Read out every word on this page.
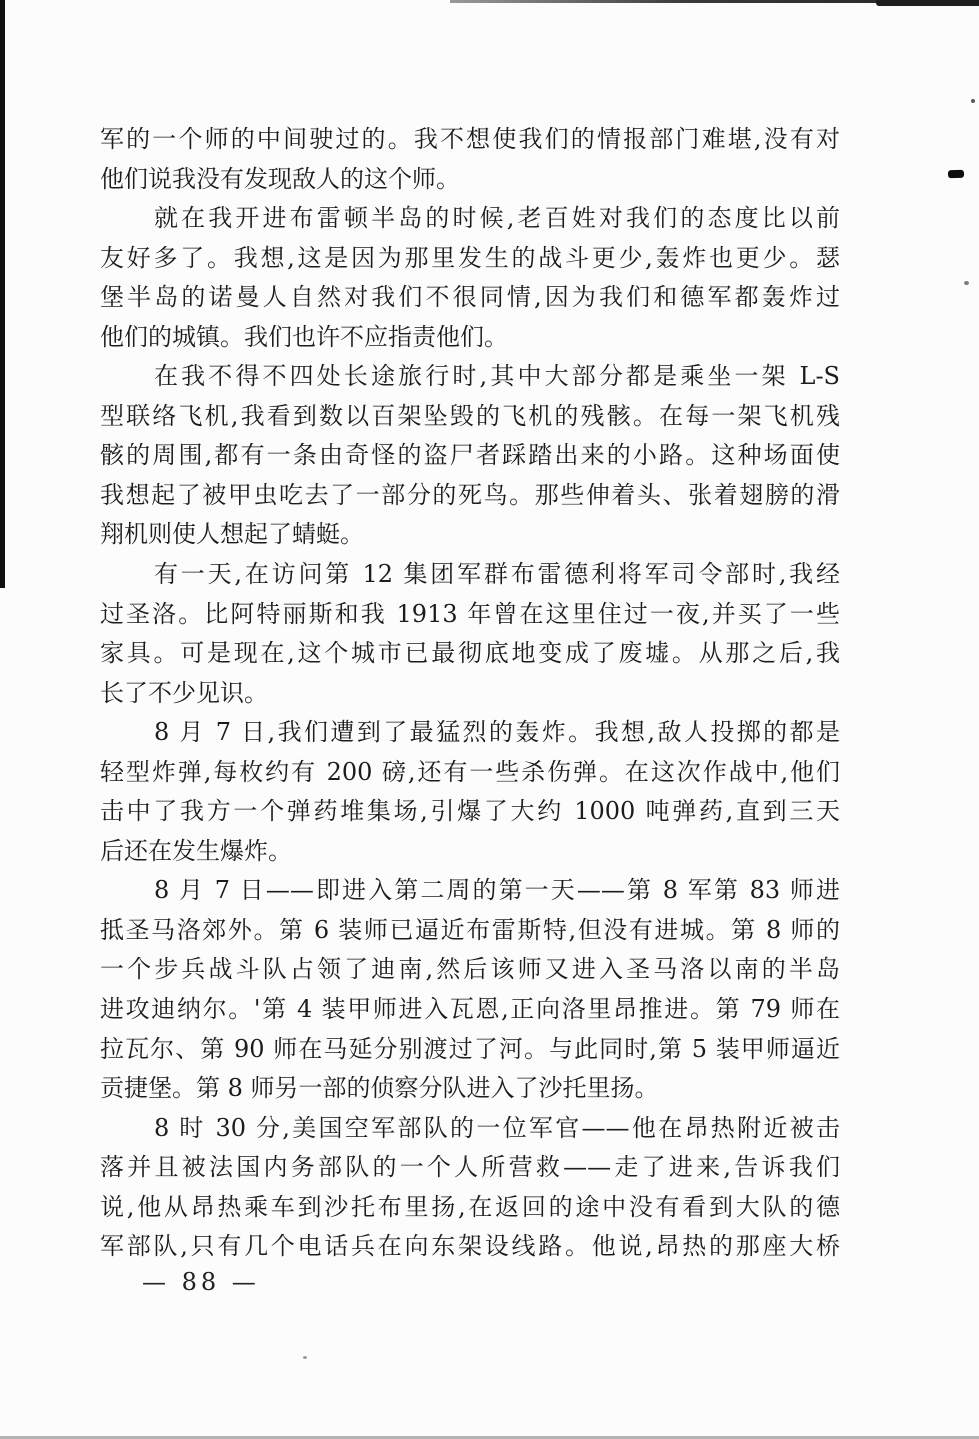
军的一个师的中间驶过的。我不想使我们的情报部门难堪,没有对
他们说我没有发现敌人的这个师。
就在我开进布雷顿半岛的时候,老百姓对我们的态度比以前
友好多了。我想,这是因为那里发生的战斗更少,轰炸也更少。瑟
堡半岛的诺曼人自然对我们不很同情,因为我们和德军都轰炸过
他们的城镇。我们也许不应指责他们。
在我不得不四处长途旅行时,其中大部分都是乘坐一架 L-S
型联络飞机,我看到数以百架坠毁的飞机的残骸。在每一架飞机残
骸的周围,都有一条由奇怪的盗尸者踩踏出来的小路。这种场面使
我想起了被甲虫吃去了一部分的死鸟。那些伸着头、张着翅膀的滑
翔机则使人想起了蜻蜓。
有一天,在访问第 12 集团军群布雷德利将军司令部时,我经
过圣洛。比阿特丽斯和我 1913 年曾在这里住过一夜,并买了一些
家具。可是现在,这个城市已最彻底地变成了废墟。从那之后,我
长了不少见识。
8 月 7 日,我们遭到了最猛烈的轰炸。我想,敌人投掷的都是
轻型炸弹,每枚约有 200 磅,还有一些杀伤弹。在这次作战中,他们
击中了我方一个弹药堆集场,引爆了大约 1000 吨弹药,直到三天
后还在发生爆炸。
8 月 7 日——即进入第二周的第一天——第 8 军第 83 师进
抵圣马洛郊外。第 6 装师已逼近布雷斯特,但没有进城。第 8 师的
一个步兵战斗队占领了迪南,然后该师又进入圣马洛以南的半岛
进攻迪纳尔。'第 4 装甲师进入瓦恩,正向洛里昂推进。第 79 师在
拉瓦尔、第 90 师在马延分别渡过了河。与此同时,第 5 装甲师逼近
贡捷堡。第 8 师另一部的侦察分队进入了沙托里扬。
8 时 30 分,美国空军部队的一位军官——他在昂热附近被击
落并且被法国内务部队的一个人所营救——走了进来,告诉我们
说,他从昂热乘车到沙托布里扬,在返回的途中没有看到大队的德
军部队,只有几个电话兵在向东架设线路。他说,昂热的那座大桥
— 88 —
